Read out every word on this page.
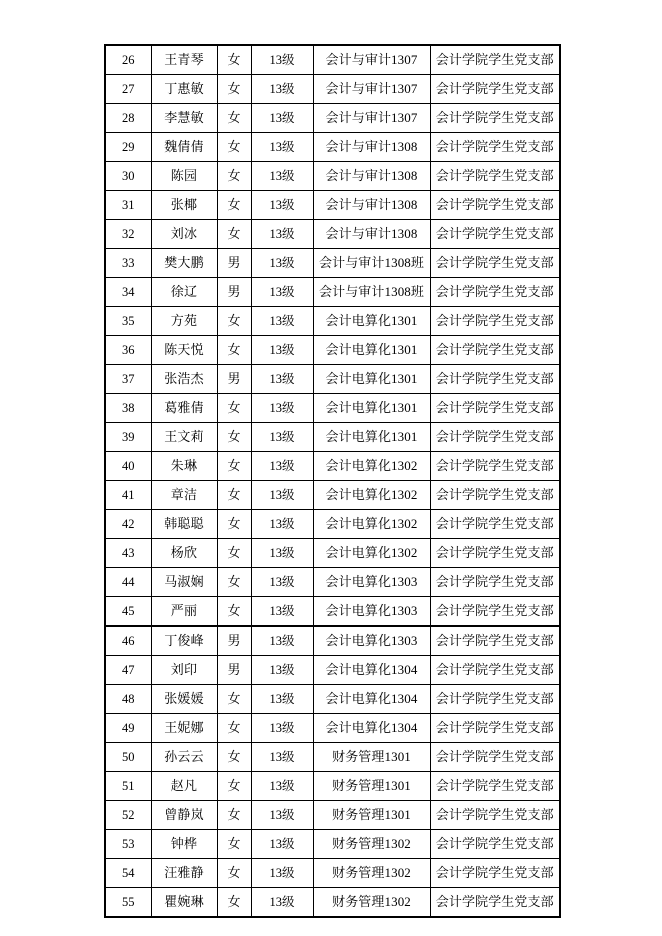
26	王青琴	女	13级	会计与审计1307	会计学院学生党支部
27	丁惠敏	女	13级	会计与审计1307	会计学院学生党支部
28	李慧敏	女	13级	会计与审计1307	会计学院学生党支部
29	魏倩倩	女	13级	会计与审计1308	会计学院学生党支部
30	陈园	女	13级	会计与审计1308	会计学院学生党支部
31	张椰	女	13级	会计与审计1308	会计学院学生党支部
32	刘冰	女	13级	会计与审计1308	会计学院学生党支部
33	樊大鹏	男	13级	会计与审计1308班	会计学院学生党支部
34	徐辽	男	13级	会计与审计1308班	会计学院学生党支部
35	方苑	女	13级	会计电算化1301	会计学院学生党支部
36	陈天悦	女	13级	会计电算化1301	会计学院学生党支部
37	张浩杰	男	13级	会计电算化1301	会计学院学生党支部
38	葛雅倩	女	13级	会计电算化1301	会计学院学生党支部
39	王文莉	女	13级	会计电算化1301	会计学院学生党支部
40	朱琳	女	13级	会计电算化1302	会计学院学生党支部
41	章洁	女	13级	会计电算化1302	会计学院学生党支部
42	韩聪聪	女	13级	会计电算化1302	会计学院学生党支部
43	杨欣	女	13级	会计电算化1302	会计学院学生党支部
44	马淑娴	女	13级	会计电算化1303	会计学院学生党支部
45	严丽	女	13级	会计电算化1303	会计学院学生党支部
46	丁俊峰	男	13级	会计电算化1303	会计学院学生党支部
47	刘印	男	13级	会计电算化1304	会计学院学生党支部
48	张媛媛	女	13级	会计电算化1304	会计学院学生党支部
49	王妮娜	女	13级	会计电算化1304	会计学院学生党支部
50	孙云云	女	13级	财务管理1301	会计学院学生党支部
51	赵凡	女	13级	财务管理1301	会计学院学生党支部
52	曾静岚	女	13级	财务管理1301	会计学院学生党支部
53	钟桦	女	13级	财务管理1302	会计学院学生党支部
54	汪雅静	女	13级	财务管理1302	会计学院学生党支部
55	瞿婉琳	女	13级	财务管理1302	会计学院学生党支部
